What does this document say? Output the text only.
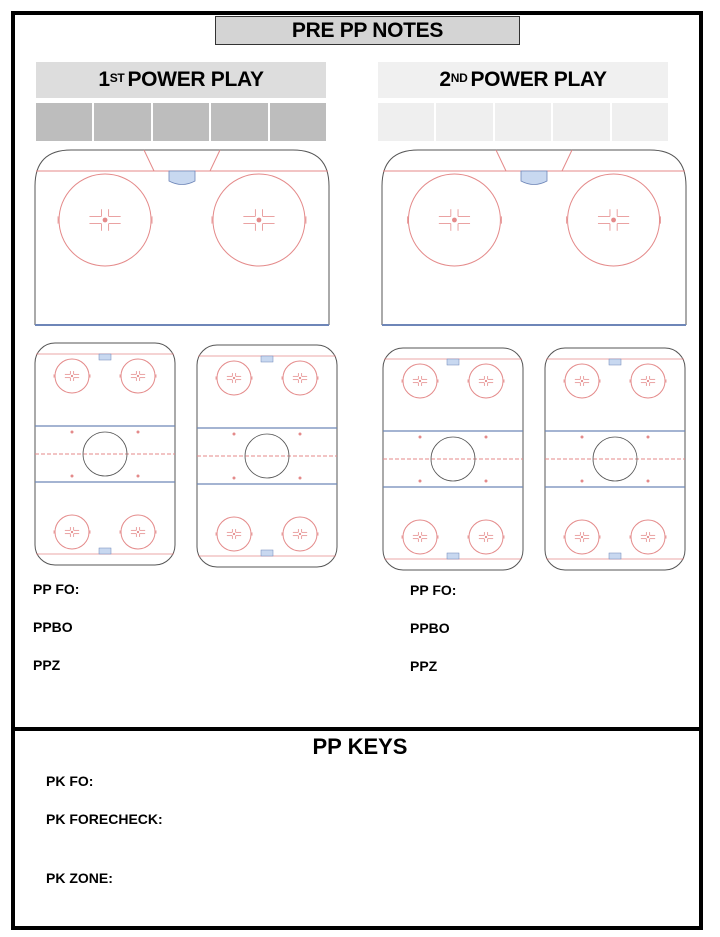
PRE PP NOTES
1ST POWER PLAY	2ND POWER PLAY
PP FO:
PPBO
PPZ
PP FO:
PPBO
PPZ
PP KEYS
PK FO:
PK FORECHECK:
PK ZONE:
